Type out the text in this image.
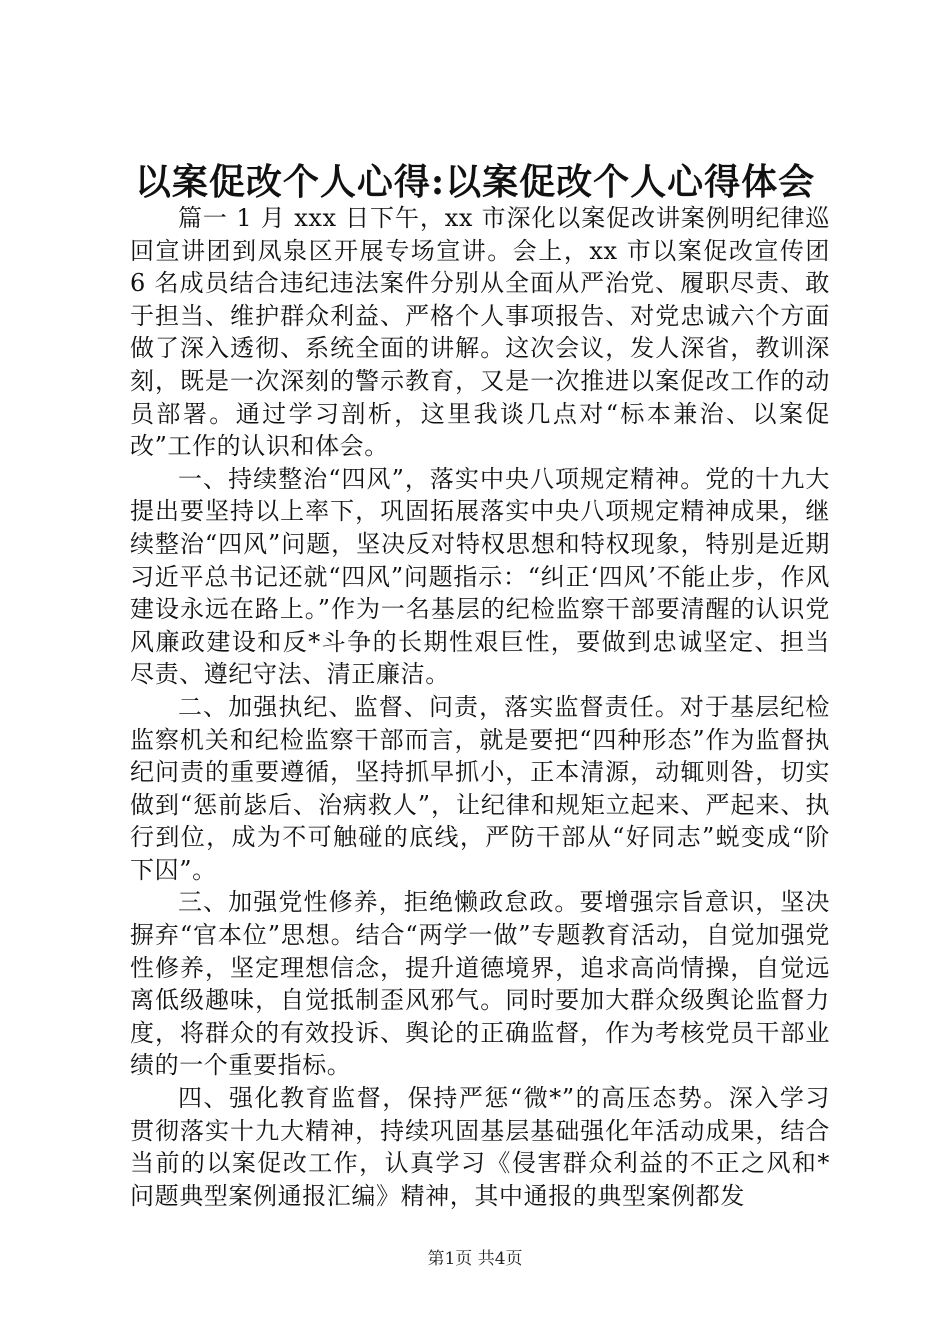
以案促改个人心得:以案促改个人心得体会

篇一 1 月 xxx 日下午，xx 市深化以案促改讲案例明纪律巡回宣讲团到凤泉区开展专场宣讲。会上，xx 市以案促改宣传团 6 名成员结合违纪违法案件分别从全面从严治党、履职尽责、敢于担当、维护群众利益、严格个人事项报告、对党忠诚六个方面做了深入透彻、系统全面的讲解。这次会议，发人深省，教训深刻，既是一次深刻的警示教育，又是一次推进以案促改工作的动员部署。通过学习剖析，这里我谈几点对“标本兼治、以案促改”工作的认识和体会。

一、持续整治“四风”，落实中央八项规定精神。党的十九大提出要坚持以上率下，巩固拓展落实中央八项规定精神成果，继续整治“四风”问题，坚决反对特权思想和特权现象，特别是近期习近平总书记还就“四风”问题指示：“纠正‘四风’不能止步，作风建设永远在路上。”作为一名基层的纪检监察干部要清醒的认识党风廉政建设和反*斗争的长期性艰巨性，要做到忠诚坚定、担当尽责、遵纪守法、清正廉洁。

二、加强执纪、监督、问责，落实监督责任。对于基层纪检监察机关和纪检监察干部而言，就是要把“四种形态”作为监督执纪问责的重要遵循，坚持抓早抓小，正本清源，动辄则咎，切实做到“惩前毖后、治病救人”，让纪律和规矩立起来、严起来、执行到位，成为不可触碰的底线，严防干部从“好同志”蜕变成“阶下囚”。

三、加强党性修养，拒绝懒政怠政。要增强宗旨意识，坚决摒弃“官本位”思想。结合“两学一做”专题教育活动，自觉加强党性修养，坚定理想信念，提升道德境界，追求高尚情操，自觉远离低级趣味，自觉抵制歪风邪气。同时要加大群众级舆论监督力度，将群众的有效投诉、舆论的正确监督，作为考核党员干部业绩的一个重要指标。

四、强化教育监督，保持严惩“微*”的高压态势。深入学习贯彻落实十九大精神，持续巩固基层基础强化年活动成果，结合当前的以案促改工作，认真学习《侵害群众利益的不正之风和*问题典型案例通报汇编》精神，其中通报的典型案例都发

第1页 共4页
